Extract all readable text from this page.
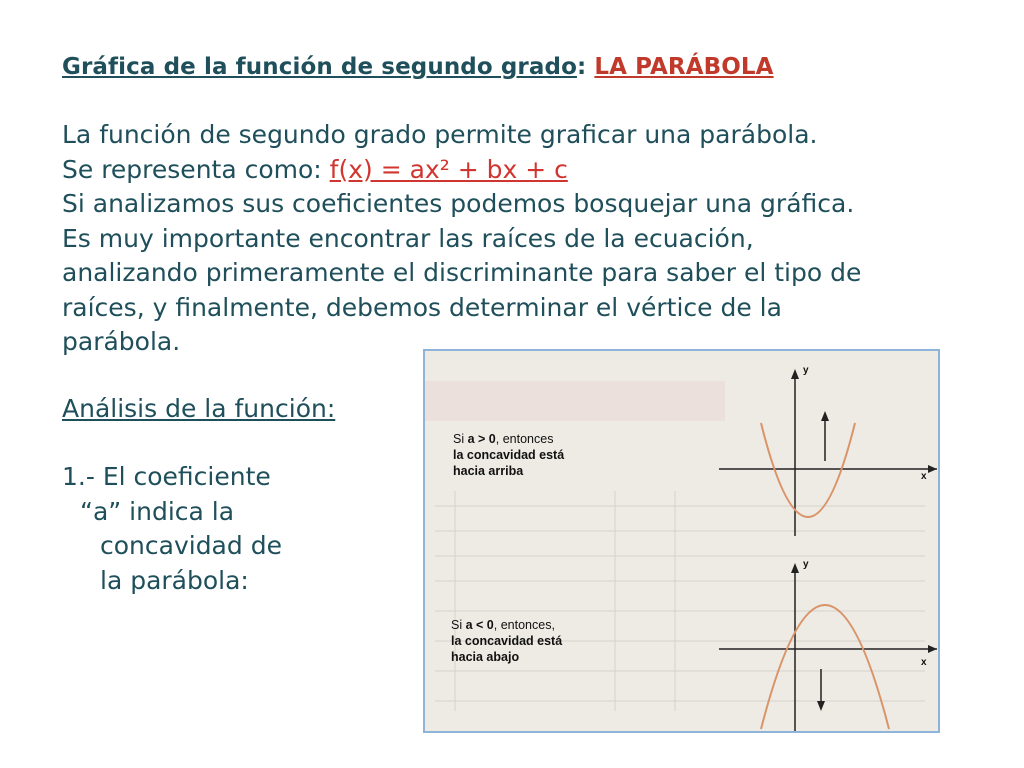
Gráfica de la función de segundo grado: LA PARÁBOLA
La función de segundo grado permite graficar una parábola.
Se representa como: f(x) = ax² + bx + c
Si analizamos sus coeficientes podemos bosquejar una gráfica.
Es muy importante encontrar las raíces de la ecuación,
analizando primeramente el discriminante para saber el tipo de
raíces, y finalmente, debemos determinar el vértice de la
parábola.
Análisis de la función:
1.- El coeficiente
“a” indica la
concavidad de
la parábola:
y
x
Si a > 0, entonces
la concavidad está
hacia arriba
y
x
Si a < 0, entonces,
la concavidad está
hacia abajo
